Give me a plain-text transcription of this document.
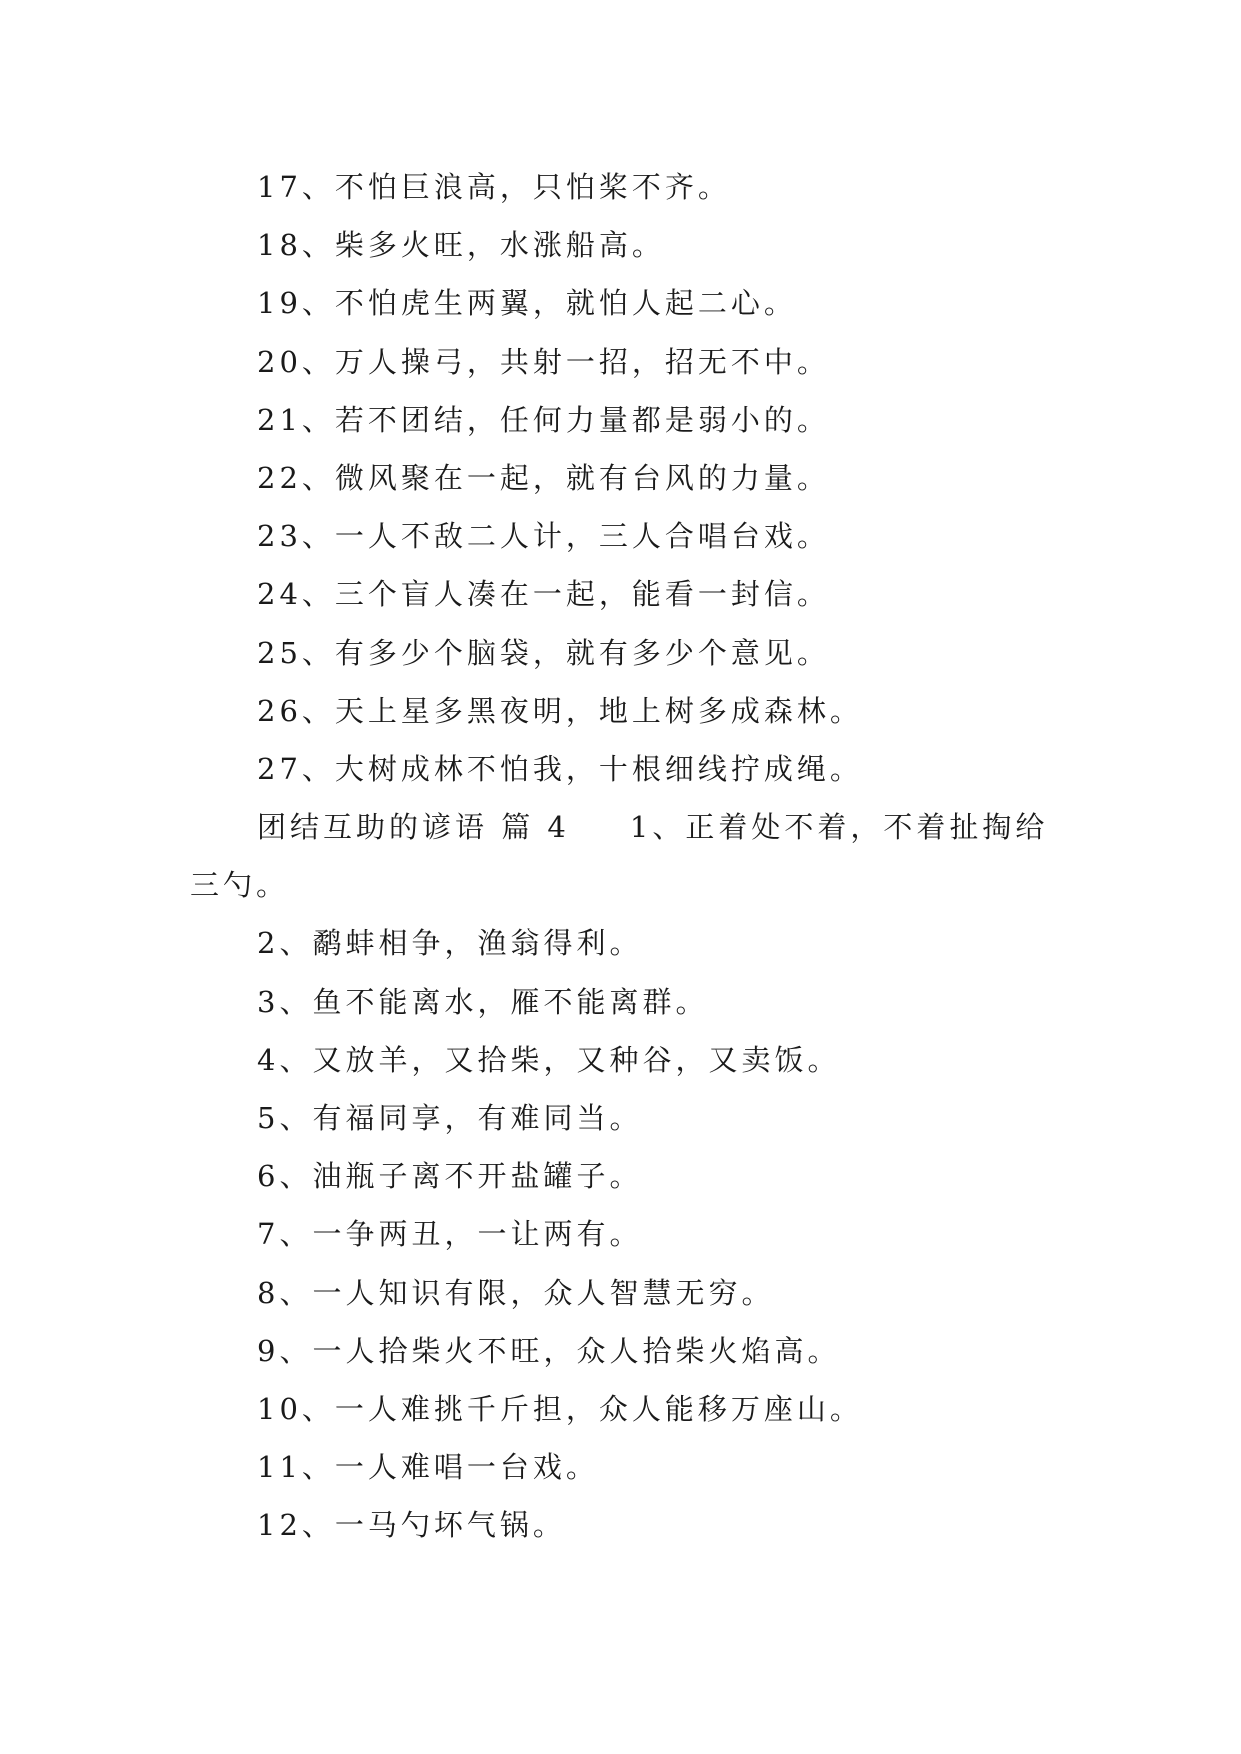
17、不怕巨浪高，只怕桨不齐。
18、柴多火旺，水涨船高。
19、不怕虎生两翼，就怕人起二心。
20、万人操弓，共射一招，招无不中。
21、若不团结，任何力量都是弱小的。
22、微风聚在一起，就有台风的力量。
23、一人不敌二人计，三人合唱台戏。
24、三个盲人凑在一起，能看一封信。
25、有多少个脑袋，就有多少个意见。
26、天上星多黑夜明，地上树多成森林。
27、大树成林不怕我，十根细线拧成绳。
团结互助的谚语 篇 4 1、正着处不着，不着扯掏给
三勺。
2、鹬蚌相争，渔翁得利。
3、鱼不能离水，雁不能离群。
4、又放羊，又拾柴，又种谷，又卖饭。
5、有福同享，有难同当。
6、油瓶子离不开盐罐子。
7、一争两丑，一让两有。
8、一人知识有限，众人智慧无穷。
9、一人拾柴火不旺，众人拾柴火焰高。
10、一人难挑千斤担，众人能移万座山。
11、一人难唱一台戏。
12、一马勺坏气锅。
